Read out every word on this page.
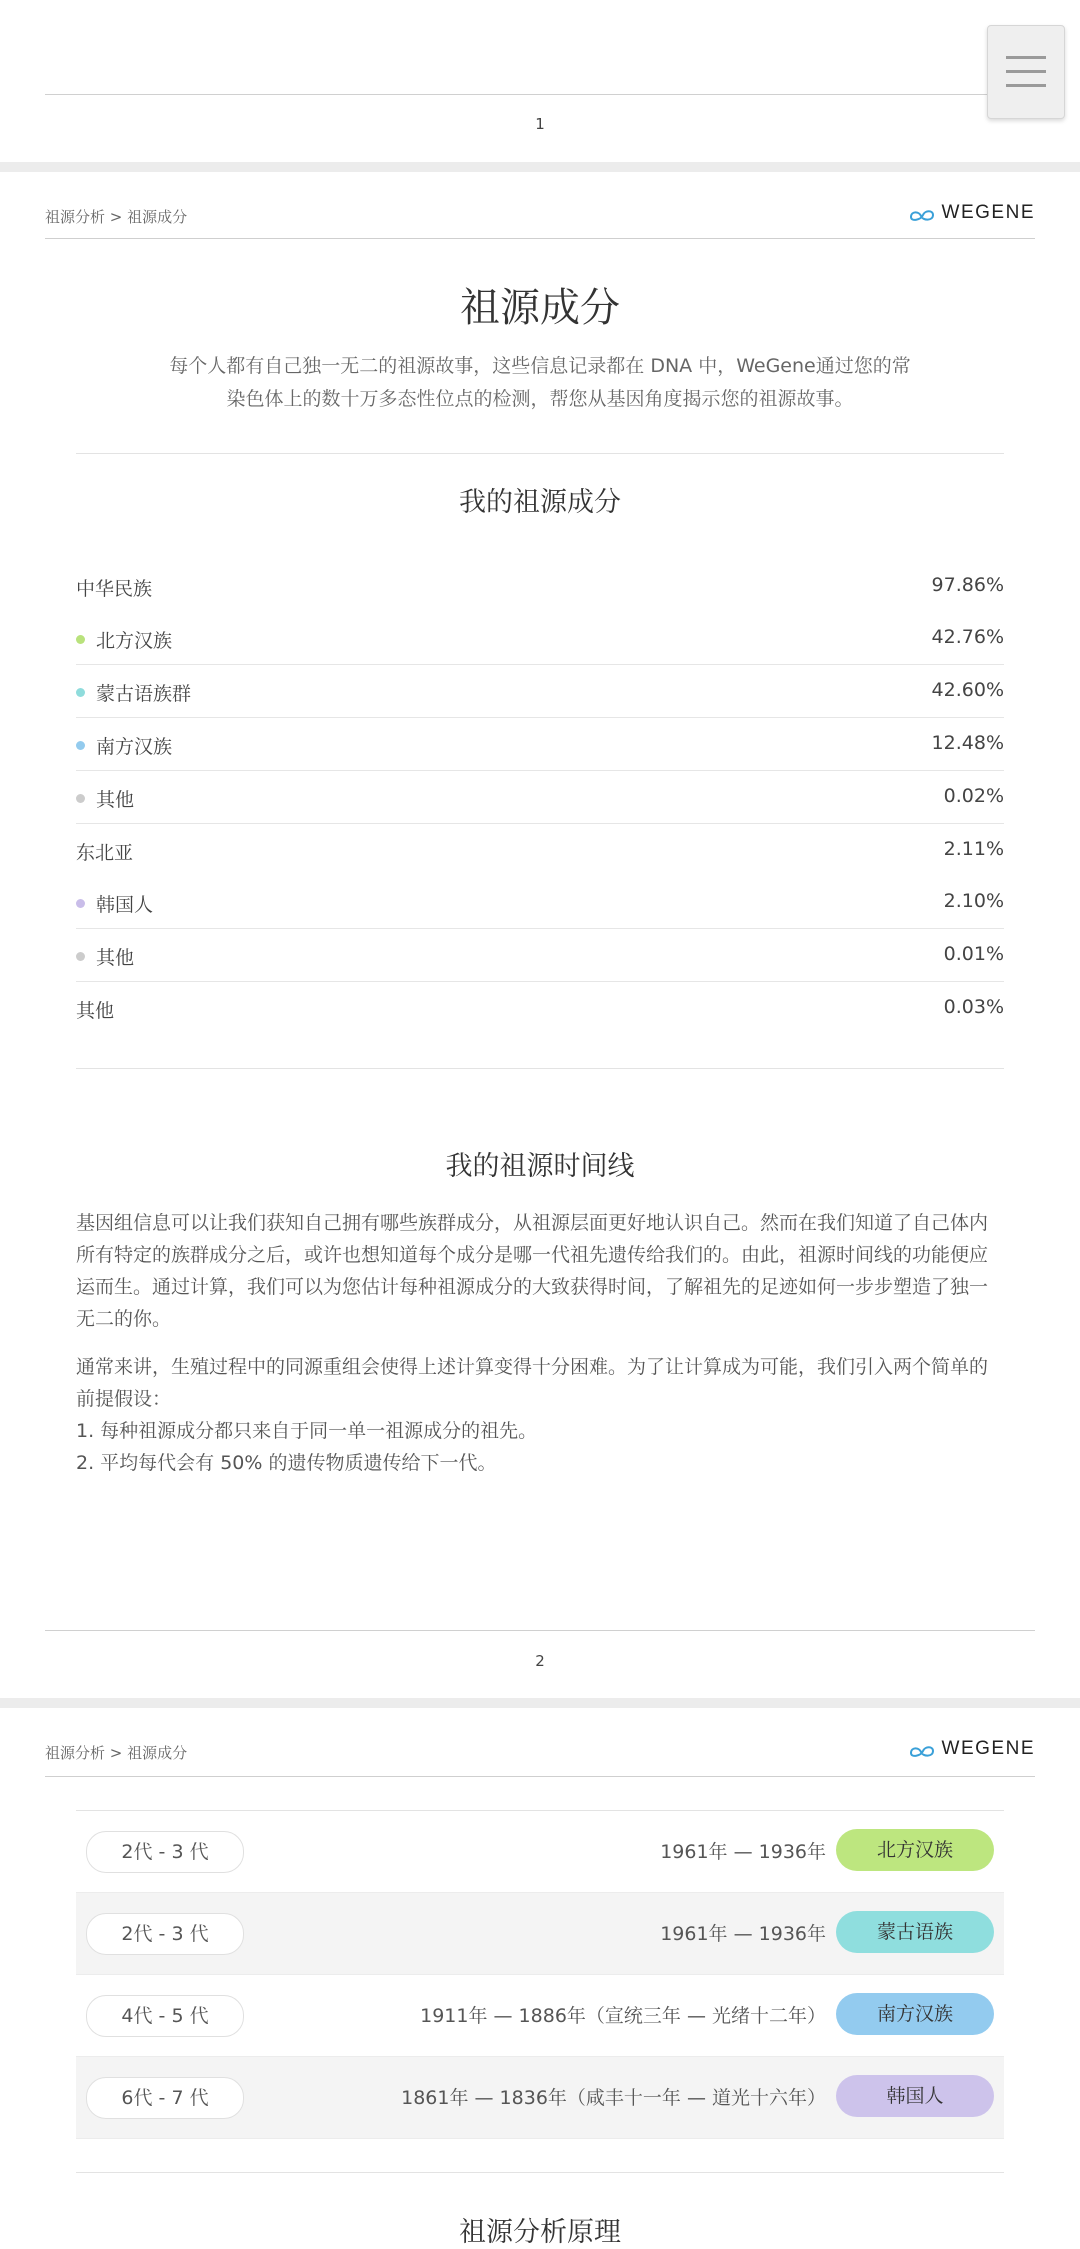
1
祖源分析 > 祖源成分	WEGENE
祖源成分
每个人都有自己独一无二的祖源故事，这些信息记录都在 DNA 中，WeGene通过您的常染色体上的数十万多态性位点的检测，帮您从基因角度揭示您的祖源故事。
我的祖源成分
中华民族	97.86%
北方汉族	42.76%
蒙古语族群	42.60%
南方汉族	12.48%
其他	0.02%
东北亚	2.11%
韩国人	2.10%
其他	0.01%
其他	0.03%
我的祖源时间线

基因组信息可以让我们获知自己拥有哪些族群成分，从祖源层面更好地认识自己。然而在我们知道了自己体内所有特定的族群成分之后，或许也想知道每个成分是哪一代祖先遗传给我们的。由此，祖源时间线的功能便应运而生。通过计算，我们可以为您估计每种祖源成分的大致获得时间，了解祖先的足迹如何一步步塑造了独一无二的你。

通常来讲，生殖过程中的同源重组会使得上述计算变得十分困难。为了让计算成为可能，我们引入两个简单的前提假设：

1. 每种祖源成分都只来自于同一单一祖源成分的祖先。

2. 平均每代会有 50% 的遗传物质遗传给下一代。

2
祖源分析 > 祖源成分	WEGENE
2代 - 3 代	1961年 — 1936年	北方汉族
2代 - 3 代	1961年 — 1936年	蒙古语族
4代 - 5 代	1911年 — 1886年（宣统三年 — 光绪十二年）	南方汉族
6代 - 7 代	1861年 — 1836年（咸丰十一年 — 道光十六年）	韩国人
祖源分析原理
